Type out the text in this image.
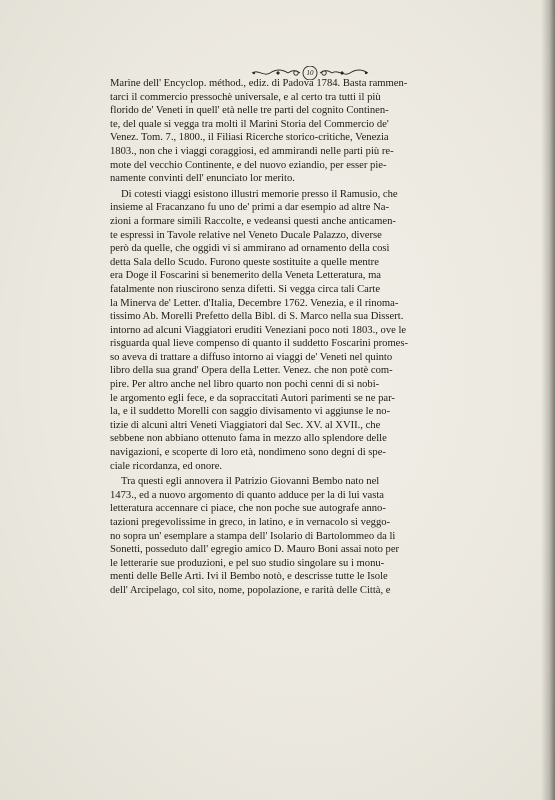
10

Marine dell' Encyclop. méthod., ediz. di Padova 1784. Basta rammen-
tarci il commercio pressochè universale, e al certo tra tutti il più
florido de' Veneti in quell' età nelle tre parti del cognito Continen-
te, del quale si vegga tra molti il Marini Storia del Commercio de'
Venez. Tom. 7., 1800., il Filiasi Ricerche storico-critiche, Venezia
1803., non che i viaggi coraggiosi, ed ammirandi nelle parti più re-
mote del vecchio Continente, e del nuovo eziandio, per esser pie-
namente convinti dell' enunciato lor merito.

Di cotesti viaggi esistono illustri memorie presso il Ramusio, che
insieme al Fracanzano fu uno de' primi a dar esempio ad altre Na-
zioni a formare simili Raccolte, e vedeansi questi anche anticamen-
te espressi in Tavole relative nel Veneto Ducale Palazzo, diverse
però da quelle, che oggidì vi si ammirano ad ornamento della così
detta Sala dello Scudo. Furono queste sostituite a quelle mentre
era Doge il Foscarini sì benemerito della Veneta Letteratura, ma
fatalmente non riuscirono senza difetti. Si vegga circa tali Carte
la Minerva de' Letter. d'Italia, Decembre 1762. Venezia, e il rinoma-
tissimo Ab. Morelli Prefetto della Bibl. di S. Marco nella sua Dissert.
intorno ad alcuni Viaggiatori eruditi Veneziani poco noti 1803., ove le
risguarda qual lieve compenso di quanto il suddetto Foscarini promes-
so aveva di trattare a diffuso intorno ai viaggi de' Veneti nel quinto
libro della sua grand' Opera della Letter. Venez. che non potè com-
pire. Per altro anche nel libro quarto non pochi cenni di sì nobi-
le argomento egli fece, e da sopraccitati Autori parimenti se ne par-
la, e il suddetto Morelli con saggio divisamento vi aggiunse le no-
tizie di alcuni altri Veneti Viaggiatori dal Sec. XV. al XVII., che
sebbene non abbiano ottenuto fama in mezzo allo splendore delle
navigazioni, e scoperte di loro età, nondimeno sono degni di spe-
ciale ricordanza, ed onore.

Tra questi egli annovera il Patrizio Giovanni Bembo nato nel
1473., ed a nuovo argomento di quanto adduce per la di lui vasta
letteratura accennare ci piace, che non poche sue autografe anno-
tazioni pregevolissime in greco, in latino, e in vernacolo si veggo-
no sopra un' esemplare a stampa dell' Isolario di Bartolommeo da li
Sonetti, posseduto dall' egregio amico D. Mauro Boni assai noto per
le letterarie sue produzioni, e pel suo studio singolare su i monu-
menti delle Belle Arti. Ivi il Bembo notò, e descrisse tutte le Isole
dell' Arcipelago, col sito, nome, popolazione, e rarità delle Città, e
